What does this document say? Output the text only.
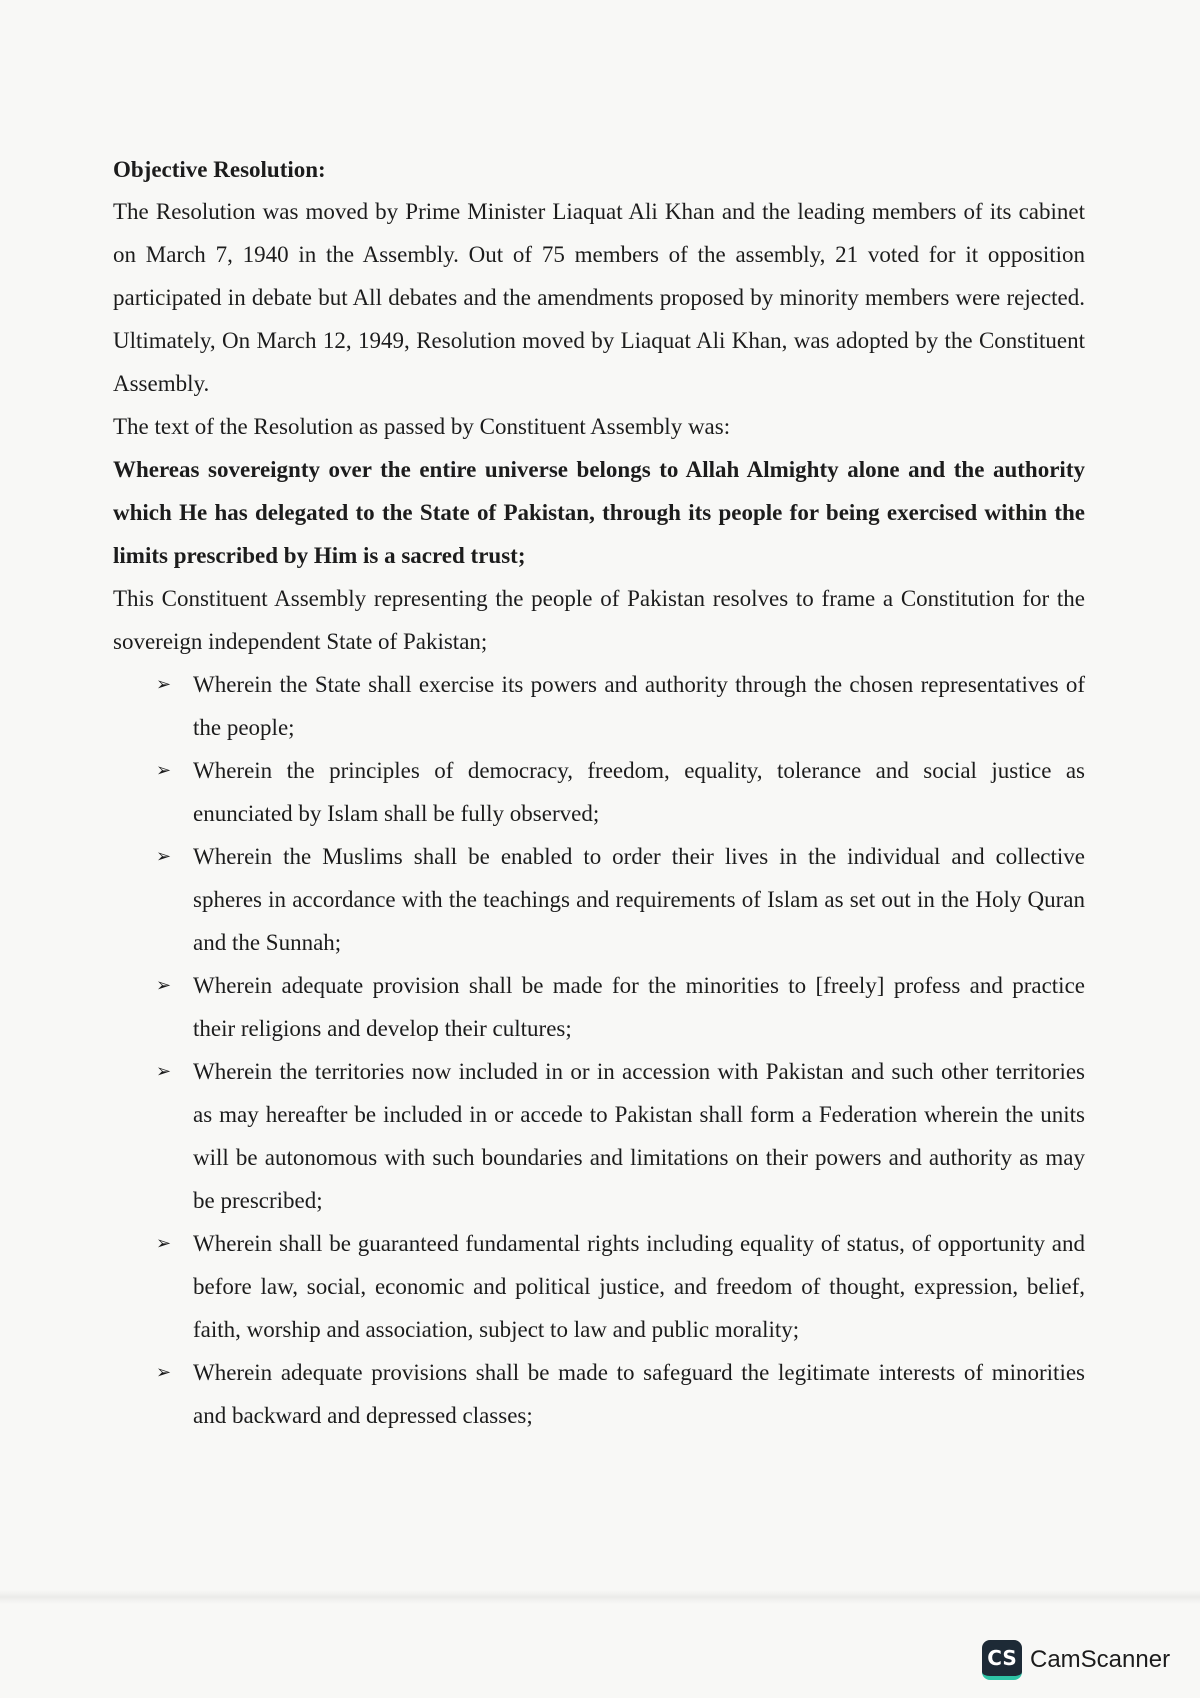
Objective Resolution:

The Resolution was moved by Prime Minister Liaquat Ali Khan and the leading members of its cabinet on March 7, 1940 in the Assembly. Out of 75 members of the assembly, 21 voted for it opposition participated in debate but All debates and the amendments proposed by minority members were rejected. Ultimately, On March 12, 1949, Resolution moved by Liaquat Ali Khan, was adopted by the Constituent Assembly.

The text of the Resolution as passed by Constituent Assembly was:

Whereas sovereignty over the entire universe belongs to Allah Almighty alone and the authority which He has delegated to the State of Pakistan, through its people for being exercised within the limits prescribed by Him is a sacred trust;

This Constituent Assembly representing the people of Pakistan resolves to frame a Constitution for the sovereign independent State of Pakistan;

➢ Wherein the State shall exercise its powers and authority through the chosen representatives of the people;
➢ Wherein the principles of democracy, freedom, equality, tolerance and social justice as enunciated by Islam shall be fully observed;
➢ Wherein the Muslims shall be enabled to order their lives in the individual and collective spheres in accordance with the teachings and requirements of Islam as set out in the Holy Quran and the Sunnah;
➢ Wherein adequate provision shall be made for the minorities to [freely] profess and practice their religions and develop their cultures;
➢ Wherein the territories now included in or in accession with Pakistan and such other territories as may hereafter be included in or accede to Pakistan shall form a Federation wherein the units will be autonomous with such boundaries and limitations on their powers and authority as may be prescribed;
➢ Wherein shall be guaranteed fundamental rights including equality of status, of opportunity and before law, social, economic and political justice, and freedom of thought, expression, belief, faith, worship and association, subject to law and public morality;
➢ Wherein adequate provisions shall be made to safeguard the legitimate interests of minorities and backward and depressed classes;
CS CamScanner
